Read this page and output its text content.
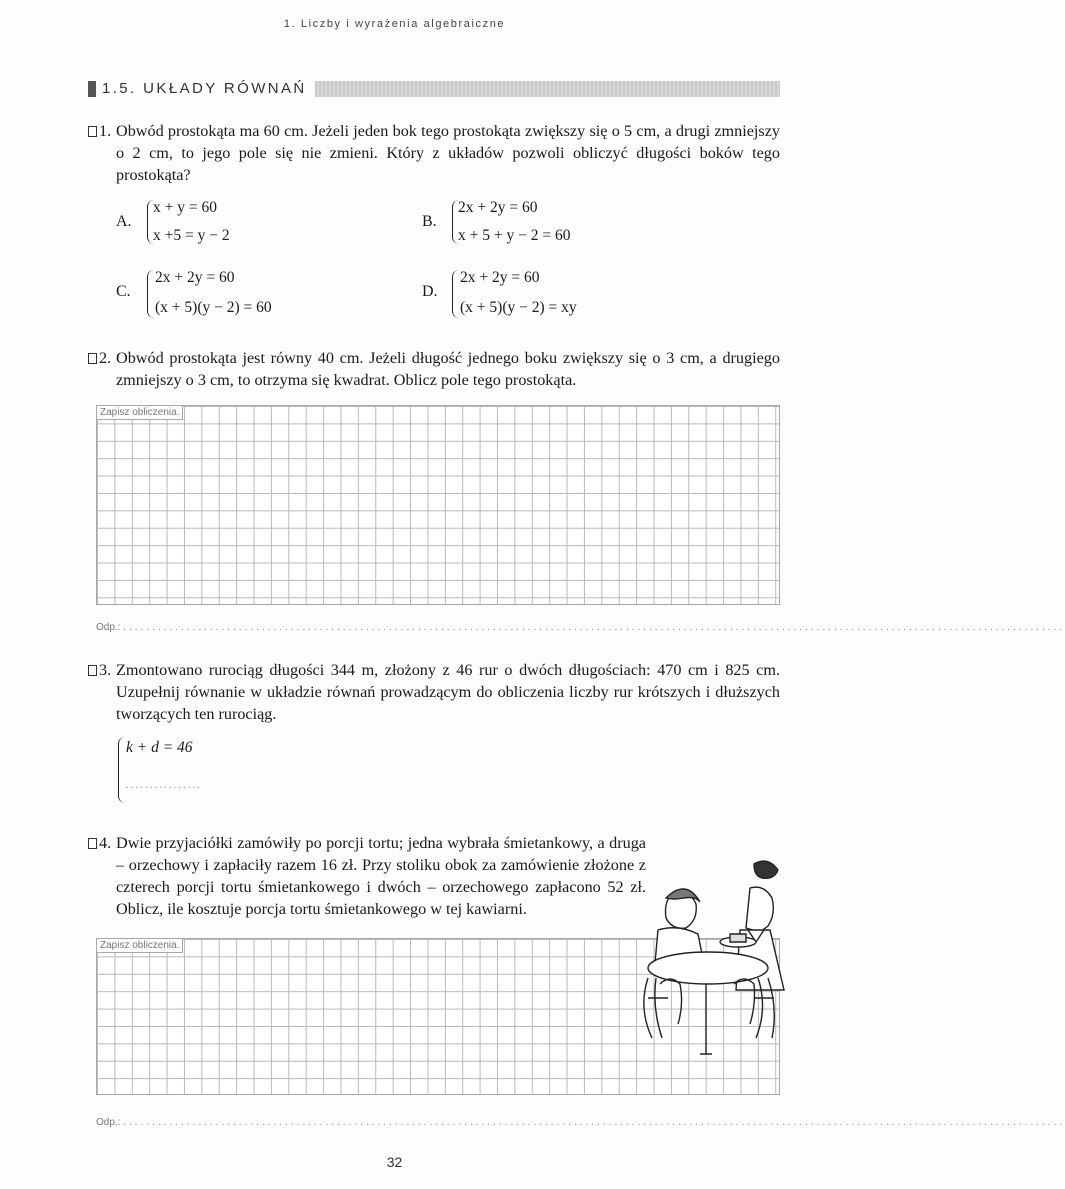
1. Liczby i wyrażenia algebraiczne
1.5. UKŁADY RÓWNAŃ
1. Obwód prostokąta ma 60 cm. Jeżeli jeden bok tego prostokąta zwiększy się o 5 cm, a drugi zmniejszy o 2 cm, to jego pole się nie zmieni. Który z układów pozwoli obliczyć długości boków tego prostokąta?
A.
x + y = 60
x +5 = y − 2
B.
2x + 2y = 60
x + 5 + y − 2 = 60
C.
2x + 2y = 60
(x + 5)(y − 2) = 60
D.
2x + 2y = 60
(x + 5)(y − 2) = xy
2. Obwód prostokąta jest równy 40 cm. Jeżeli długość jednego boku zwiększy się o 3 cm, a drugiego zmniejszy o 3 cm, to otrzyma się kwadrat. Oblicz pole tego prostokąta.
Zapisz obliczenia.
Odp.: ...................................................................................................................................................................
3. Zmontowano rurociąg długości 344 m, złożony z 46 rur o dwóch długościach: 470 cm i 825 cm. Uzupełnij równanie w układzie równań prowadzącym do obliczenia liczby rur krótszych i dłuższych tworzących ten rurociąg.
k + d = 46
................
4. Dwie przyjaciółki zamówiły po porcji tortu; jedna wybrała śmietankowy, a druga – orzechowy i zapłaciły razem 16 zł. Przy stoliku obok za zamówienie złożone z czterech porcji tortu śmietankowego i dwóch – orzechowego zapłacono 52 zł. Oblicz, ile kosztuje porcja tortu śmietankowego w tej kawiarni.
Zapisz obliczenia.
Odp.: ...................................................................................................................................................................
32
